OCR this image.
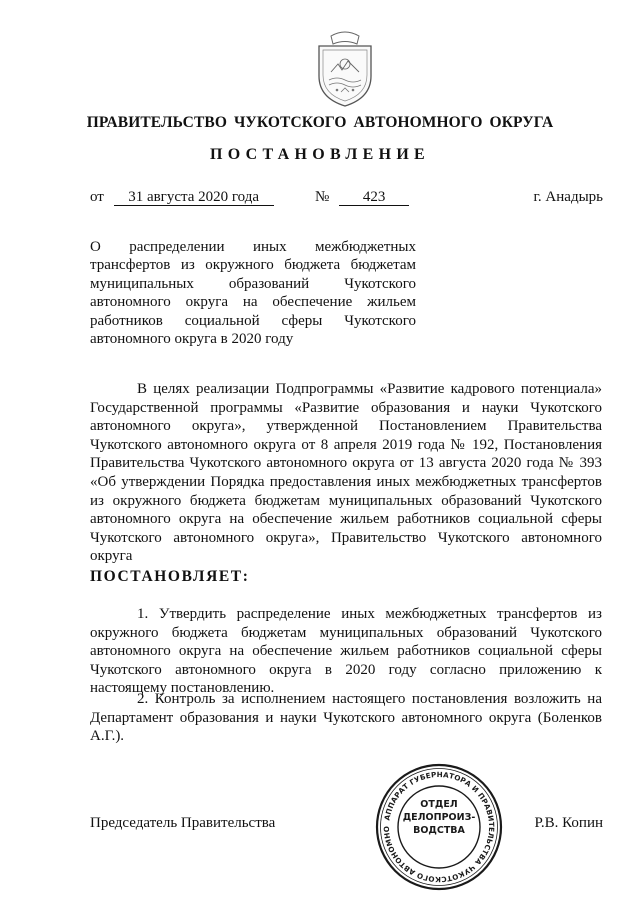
ПРАВИТЕЛЬСТВО ЧУКОТСКОГО АВТОНОМНОГО ОКРУГА
ПОСТАНОВЛЕНИЕ
от 31 августа 2020 года	№ 423	г. Анадырь

О распределении иных межбюджетных трансфертов из окружного бюджета бюджетам муниципальных образований Чукотского автономного округа на обеспечение жильем работников социальной сферы Чукотского автономного округа в 2020 году

В целях реализации Подпрограммы «Развитие кадрового потенциала» Государственной программы «Развитие образования и науки Чукотского автономного округа», утвержденной Постановлением Правительства Чукотского автономного округа от 8 апреля 2019 года № 192, Постановления Правительства Чукотского автономного округа от 13 августа 2020 года № 393 «Об утверждении Порядка предоставления иных межбюджетных трансфертов из окружного бюджета бюджетам муниципальных образований Чукотского автономного округа на обеспечение жильем работников социальной сферы Чукотского автономного округа», Правительство Чукотского автономного округа

ПОСТАНОВЛЯЕТ:

1. Утвердить распределение иных межбюджетных трансфертов из окружного бюджета бюджетам муниципальных образований Чукотского автономного округа на обеспечение жильем работников социальной сферы Чукотского автономного округа в 2020 году согласно приложению к настоящему постановлению.

2. Контроль за исполнением настоящего постановления возложить на Департамент образования и науки Чукотского автономного округа (Боленков А.Г.).

Председатель Правительства	Р.В. Копин
АППАРАТ ГУБЕРНАТОРА И ПРАВИТЕЛЬСТВА ЧУКОТСКОГО АВТОНОМНО
ОТДЕЛ
ДЕЛОПРОИЗ-
ВОДСТВА
